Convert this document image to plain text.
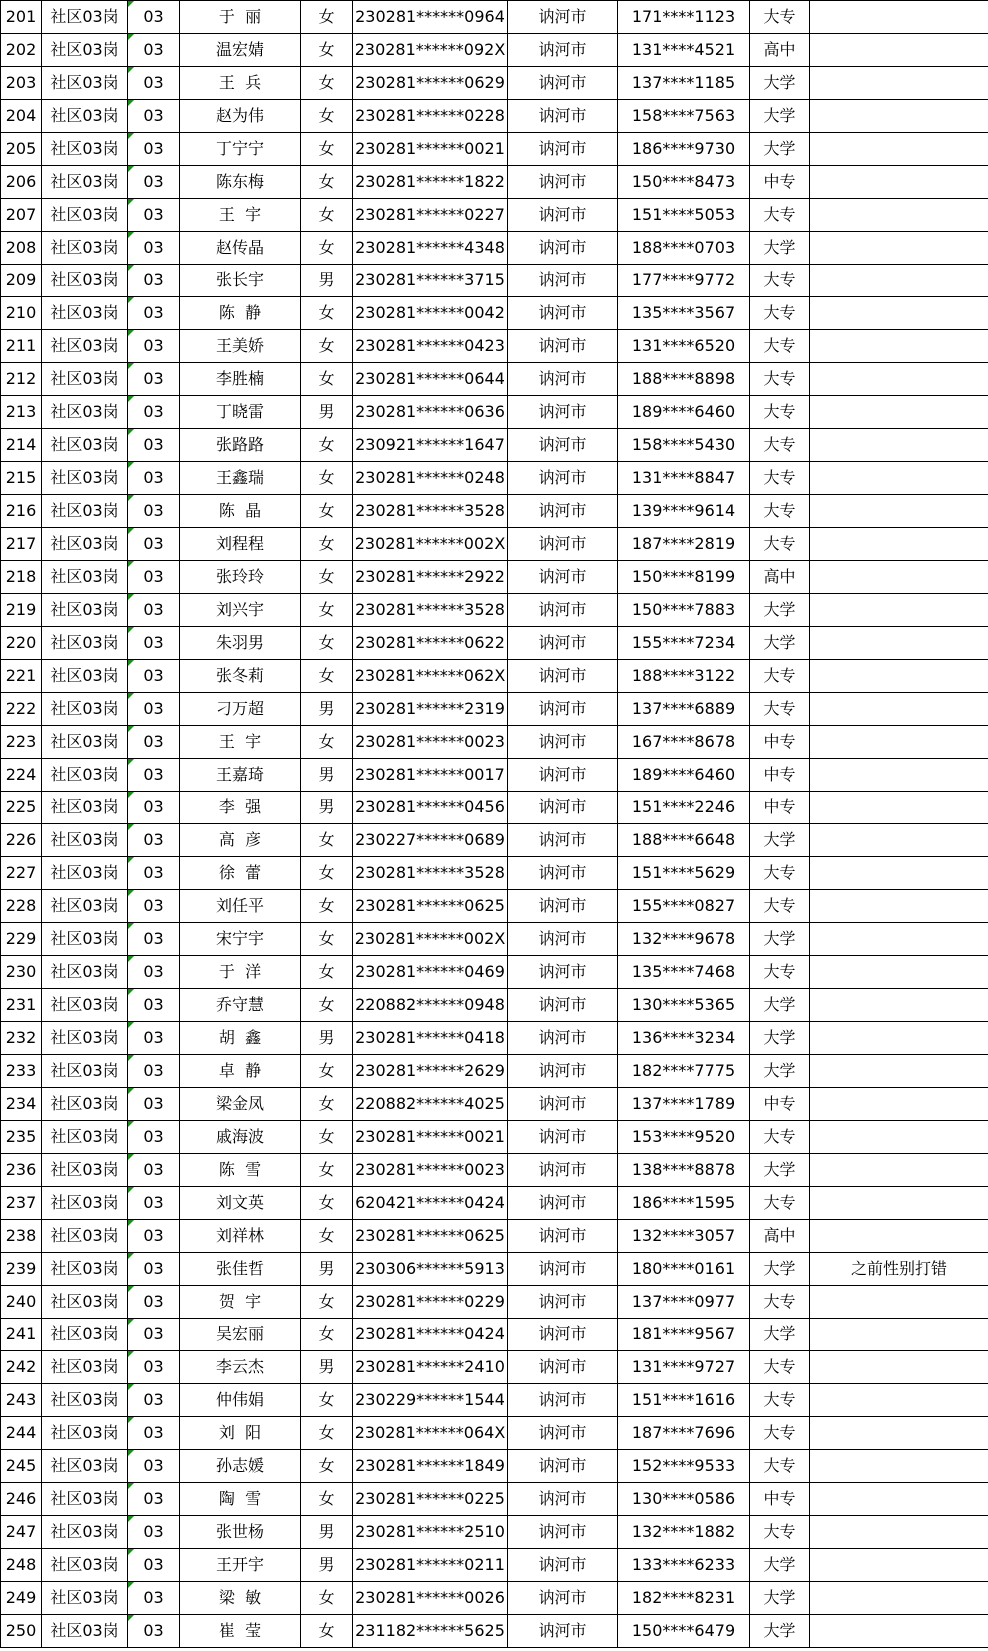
201	社区03岗	03	于  丽	女	230281******0964	讷河市	171****1123	大专	
202	社区03岗	03	温宏婧	女	230281******092X	讷河市	131****4521	高中	
203	社区03岗	03	王  兵	女	230281******0629	讷河市	137****1185	大学	
204	社区03岗	03	赵为伟	女	230281******0228	讷河市	158****7563	大学	
205	社区03岗	03	丁宁宁	女	230281******0021	讷河市	186****9730	大学	
206	社区03岗	03	陈东梅	女	230281******1822	讷河市	150****8473	中专	
207	社区03岗	03	王  宇	女	230281******0227	讷河市	151****5053	大专	
208	社区03岗	03	赵传晶	女	230281******4348	讷河市	188****0703	大学	
209	社区03岗	03	张长宇	男	230281******3715	讷河市	177****9772	大专	
210	社区03岗	03	陈  静	女	230281******0042	讷河市	135****3567	大专	
211	社区03岗	03	王美娇	女	230281******0423	讷河市	131****6520	大专	
212	社区03岗	03	李胜楠	女	230281******0644	讷河市	188****8898	大专	
213	社区03岗	03	丁晓雷	男	230281******0636	讷河市	189****6460	大专	
214	社区03岗	03	张路路	女	230921******1647	讷河市	158****5430	大专	
215	社区03岗	03	王鑫瑞	女	230281******0248	讷河市	131****8847	大专	
216	社区03岗	03	陈  晶	女	230281******3528	讷河市	139****9614	大专	
217	社区03岗	03	刘程程	女	230281******002X	讷河市	187****2819	大专	
218	社区03岗	03	张玲玲	女	230281******2922	讷河市	150****8199	高中	
219	社区03岗	03	刘兴宇	女	230281******3528	讷河市	150****7883	大学	
220	社区03岗	03	朱羽男	女	230281******0622	讷河市	155****7234	大学	
221	社区03岗	03	张冬莉	女	230281******062X	讷河市	188****3122	大专	
222	社区03岗	03	刁万超	男	230281******2319	讷河市	137****6889	大专	
223	社区03岗	03	王  宇	女	230281******0023	讷河市	167****8678	中专	
224	社区03岗	03	王嘉琦	男	230281******0017	讷河市	189****6460	中专	
225	社区03岗	03	李  强	男	230281******0456	讷河市	151****2246	中专	
226	社区03岗	03	高  彦	女	230227******0689	讷河市	188****6648	大学	
227	社区03岗	03	徐  蕾	女	230281******3528	讷河市	151****5629	大专	
228	社区03岗	03	刘任平	女	230281******0625	讷河市	155****0827	大专	
229	社区03岗	03	宋宁宇	女	230281******002X	讷河市	132****9678	大学	
230	社区03岗	03	于  洋	女	230281******0469	讷河市	135****7468	大专	
231	社区03岗	03	乔守慧	女	220882******0948	讷河市	130****5365	大学	
232	社区03岗	03	胡  鑫	男	230281******0418	讷河市	136****3234	大学	
233	社区03岗	03	卓  静	女	230281******2629	讷河市	182****7775	大学	
234	社区03岗	03	梁金凤	女	220882******4025	讷河市	137****1789	中专	
235	社区03岗	03	戚海波	女	230281******0021	讷河市	153****9520	大专	
236	社区03岗	03	陈  雪	女	230281******0023	讷河市	138****8878	大学	
237	社区03岗	03	刘文英	女	620421******0424	讷河市	186****1595	大专	
238	社区03岗	03	刘祥林	女	230281******0625	讷河市	132****3057	高中	
239	社区03岗	03	张佳哲	男	230306******5913	讷河市	180****0161	大学	之前性别打错
240	社区03岗	03	贺  宇	女	230281******0229	讷河市	137****0977	大专	
241	社区03岗	03	吴宏丽	女	230281******0424	讷河市	181****9567	大学	
242	社区03岗	03	李云杰	男	230281******2410	讷河市	131****9727	大专	
243	社区03岗	03	仲伟娟	女	230229******1544	讷河市	151****1616	大专	
244	社区03岗	03	刘  阳	女	230281******064X	讷河市	187****7696	大专	
245	社区03岗	03	孙志媛	女	230281******1849	讷河市	152****9533	大专	
246	社区03岗	03	陶  雪	女	230281******0225	讷河市	130****0586	中专	
247	社区03岗	03	张世杨	男	230281******2510	讷河市	132****1882	大专	
248	社区03岗	03	王开宇	男	230281******0211	讷河市	133****6233	大学	
249	社区03岗	03	梁  敏	女	230281******0026	讷河市	182****8231	大学	
250	社区03岗	03	崔  莹	女	231182******5625	讷河市	150****6479	大学	
